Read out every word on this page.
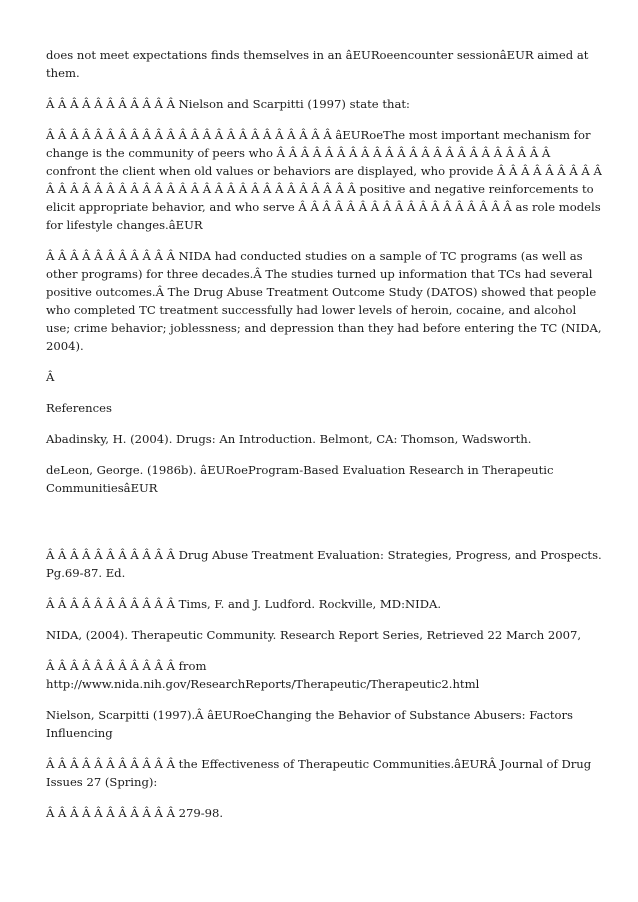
does not meet expectations finds themselves in an âEURoeencounter sessionâEUR aimed at them.

Â Â Â Â Â Â Â Â Â Â Â Nielson and Scarpitti (1997) state that:

Â Â Â Â Â Â Â Â Â Â Â Â Â Â Â Â Â Â Â Â Â Â Â Â âEURoeThe most important mechanism for change is the community of peers who Â Â Â Â Â Â Â Â Â Â Â Â Â Â Â Â Â Â Â Â Â Â Â confront the client when old values or behaviors are displayed, who provide Â Â Â Â Â Â Â Â Â Â Â Â Â Â Â Â Â Â Â Â Â Â Â Â Â Â Â Â Â Â Â Â Â Â Â positive and negative reinforcements to elicit appropriate behavior, and who serve Â Â Â Â Â Â Â Â Â Â Â Â Â Â Â Â Â Â as role models for lifestyle changes.âEUR

Â Â Â Â Â Â Â Â Â Â Â NIDA had conducted studies on a sample of TC programs (as well as other programs) for three decades.Â The studies turned up information that TCs had several positive outcomes.Â The Drug Abuse Treatment Outcome Study (DATOS) showed that people who completed TC treatment successfully had lower levels of heroin, cocaine, and alcohol use; crime behavior; joblessness; and depression than they had before entering the TC (NIDA, 2004).

Â

References

Abadinsky, H. (2004). Drugs: An Introduction. Belmont, CA: Thomson, Wadsworth.

deLeon, George. (1986b). âEURoeProgram-Based Evaluation Research in Therapeutic CommunitiesâEUR

Â Â Â Â Â Â Â Â Â Â Â Drug Abuse Treatment Evaluation: Strategies, Progress, and Prospects. Pg.69-87. Ed.

Â Â Â Â Â Â Â Â Â Â Â Tims, F. and J. Ludford. Rockville, MD:NIDA.

NIDA, (2004). Therapeutic Community. Research Report Series, Retrieved 22 March 2007,

Â Â Â Â Â Â Â Â Â Â Â from http://www.nida.nih.gov/ResearchReports/Therapeutic/Therapeutic2.html

Nielson, Scarpitti (1997).Â âEURoeChanging the Behavior of Substance Abusers: Factors Influencing

Â Â Â Â Â Â Â Â Â Â Â the Effectiveness of Therapeutic Communities.âEURÂ Journal of Drug Issues 27 (Spring):

Â Â Â Â Â Â Â Â Â Â Â 279-98.
